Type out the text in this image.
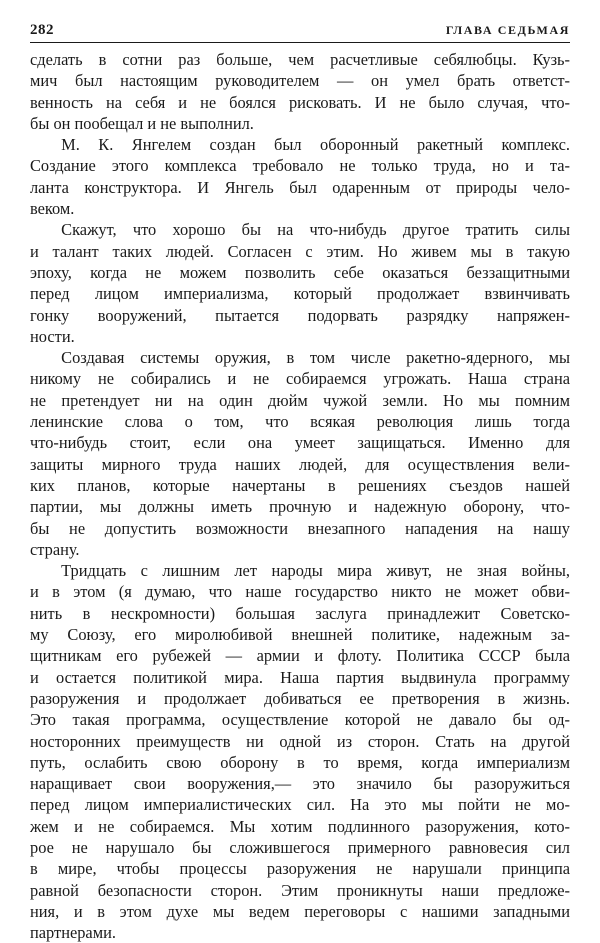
282	ГЛАВА СЕДЬМАЯ

сделать в сотни раз больше, чем расчетливые себялюбцы. Кузь-
мич был настоящим руководителем — он умел брать ответст-
венность на себя и не боялся рисковать. И не было случая, что-
бы он пообещал и не выполнил.

М. К. Янгелем создан был оборонный ракетный комплекс.
Создание этого комплекса требовало не только труда, но и та-
ланта конструктора. И Янгель был одаренным от природы чело-
веком.

Скажут, что хорошо бы на что-нибудь другое тратить силы
и талант таких людей. Согласен с этим. Но живем мы в такую
эпоху, когда не можем позволить себе оказаться беззащитными
перед лицом империализма, который продолжает взвинчивать
гонку вооружений, пытается подорвать разрядку напряжен-
ности.

Создавая системы оружия, в том числе ракетно-ядерного, мы
никому не собирались и не собираемся угрожать. Наша страна
не претендует ни на один дюйм чужой земли. Но мы помним
ленинские слова о том, что всякая революция лишь тогда
что-нибудь стоит, если она умеет защищаться. Именно для
защиты мирного труда наших людей, для осуществления вели-
ких планов, которые начертаны в решениях съездов нашей
партии, мы должны иметь прочную и надежную оборону, что-
бы не допустить возможности внезапного нападения на нашу
страну.

Тридцать с лишним лет народы мира живут, не зная войны,
и в этом (я думаю, что наше государство никто не может обви-
нить в нескромности) большая заслуга принадлежит Советско-
му Союзу, его миролюбивой внешней политике, надежным за-
щитникам его рубежей — армии и флоту. Политика СССР была
и остается политикой мира. Наша партия выдвинула программу
разоружения и продолжает добиваться ее претворения в жизнь.
Это такая программа, осуществление которой не давало бы од-
носторонних преимуществ ни одной из сторон. Стать на другой
путь, ослабить свою оборону в то время, когда империализм
наращивает свои вооружения,— это значило бы разоружиться
перед лицом империалистических сил. На это мы пойти не мо-
жем и не собираемся. Мы хотим подлинного разоружения, кото-
рое не нарушало бы сложившегося примерного равновесия сил
в мире, чтобы процессы разоружения не нарушали принципа
равной безопасности сторон. Этим проникнуты наши предложе-
ния, и в этом духе мы ведем переговоры с нашими западными
партнерами.
